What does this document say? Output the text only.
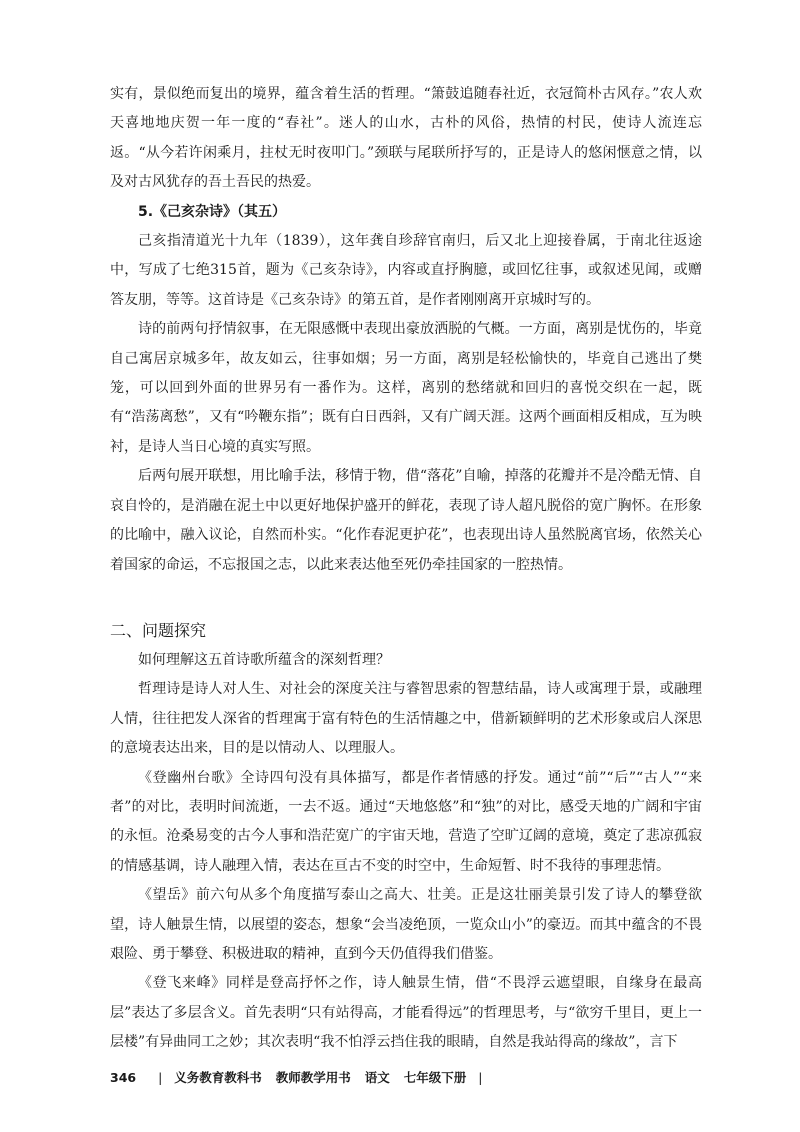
实有，景似绝而复出的境界，蕴含着生活的哲理。“箫鼓追随春社近，衣冠简朴古风存。”农人欢天喜地地庆贺一年一度的“春社”。迷人的山水，古朴的风俗，热情的村民，使诗人流连忘返。“从今若许闲乘月，拄杖无时夜叩门。”颈联与尾联所抒写的，正是诗人的悠闲惬意之情，以及对古风犹存的吾土吾民的热爱。

5.《己亥杂诗》（其五）

己亥指清道光十九年（1839），这年龚自珍辞官南归，后又北上迎接眷属，于南北往返途中，写成了七绝315首，题为《己亥杂诗》，内容或直抒胸臆，或回忆往事，或叙述见闻，或赠答友朋，等等。这首诗是《己亥杂诗》的第五首，是作者刚刚离开京城时写的。

诗的前两句抒情叙事，在无限感慨中表现出豪放洒脱的气概。一方面，离别是忧伤的，毕竟自己寓居京城多年，故友如云，往事如烟；另一方面，离别是轻松愉快的，毕竟自己逃出了樊笼，可以回到外面的世界另有一番作为。这样，离别的愁绪就和回归的喜悦交织在一起，既有“浩荡离愁”，又有“吟鞭东指”；既有白日西斜，又有广阔天涯。这两个画面相反相成，互为映衬，是诗人当日心境的真实写照。

后两句展开联想，用比喻手法，移情于物，借“落花”自喻，掉落的花瓣并不是冷酷无情、自哀自怜的，是消融在泥土中以更好地保护盛开的鲜花，表现了诗人超凡脱俗的宽广胸怀。在形象的比喻中，融入议论，自然而朴实。“化作春泥更护花”，也表现出诗人虽然脱离官场，依然关心着国家的命运，不忘报国之志，以此来表达他至死仍牵挂国家的一腔热情。

二、问题探究

如何理解这五首诗歌所蕴含的深刻哲理？

哲理诗是诗人对人生、对社会的深度关注与睿智思索的智慧结晶，诗人或寓理于景，或融理人情，往往把发人深省的哲理寓于富有特色的生活情趣之中，借新颖鲜明的艺术形象或启人深思的意境表达出来，目的是以情动人、以理服人。

《登幽州台歌》全诗四句没有具体描写，都是作者情感的抒发。通过“前”“后”“古人”“来者”的对比，表明时间流逝，一去不返。通过“天地悠悠”和“独”的对比，感受天地的广阔和宇宙的永恒。沧桑易变的古今人事和浩茫宽广的宇宙天地，营造了空旷辽阔的意境，奠定了悲凉孤寂的情感基调，诗人融理入情，表达在亘古不变的时空中，生命短暂、时不我待的事理悲情。

《望岳》前六句从多个角度描写泰山之高大、壮美。正是这壮丽美景引发了诗人的攀登欲望，诗人触景生情，以展望的姿态，想象“会当凌绝顶，一览众山小”的豪迈。而其中蕴含的不畏艰险、勇于攀登、积极进取的精神，直到今天仍值得我们借鉴。

《登飞来峰》同样是登高抒怀之作，诗人触景生情，借“不畏浮云遮望眼，自缘身在最高层”表达了多层含义。首先表明“只有站得高，才能看得远”的哲理思考，与“欲穷千里目，更上一层楼”有异曲同工之妙；其次表明“我不怕浮云挡住我的眼睛，自然是我站得高的缘故”，言下

346 | 义务教育教科书 教师教学用书 语文 七年级下册 |
